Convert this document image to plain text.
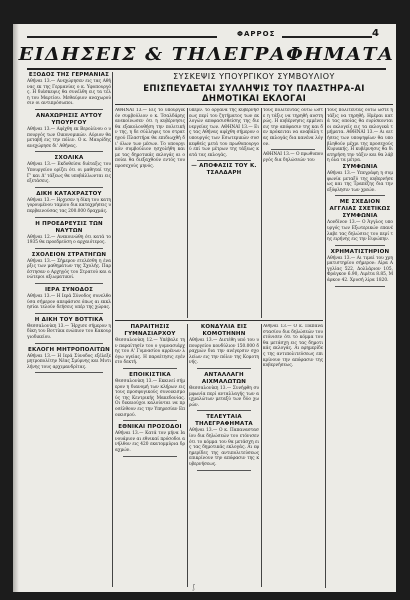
ΦΑΡΡΟΣ	4
ΕΙΔΗΣΕΙΣ & ΤΗΛΕΓΡΑΦΗΜΑΤΑ
ΕΞΟΔΟΣ ΤΗΣ ΓΕΡΜΑΝΙΑΣ
Αθήναι 13.— Ανεχώρησεν εις τας Αθήνας εκ της Γερμανίας ο κ. Υφυπουργός. Η διάσκεψις θα συνέλθη εις τα τέλη του Μαρτίου. Μεθαύριον αναχωρούσιν οι αντιπρόσωποι.
ΑΝΑΧΩΡΗΣΙΣ ΑΥΤΟΥ ΥΠΟΥΡΓΟΥ
Αθήναι 13.— Αφίχθη εκ Βερολίνου ο υπουργός των Οικονομικών. Αύριον θα μεταβή εις την πόλιν. Ο κ. Μαυρίδης ανεχώρησε δι' Αθήνας.
ΣΧΟΛΙΚΑ
Αθήναι 13.— Εκδοθείσα διάταξις του Υπουργείου ορίζει ότι οι μαθηταί της Γ' και Δ' τάξεως θα υποβάλλωνται εις εξετάσεις.
ΔΙΚΗ ΚΑΤΑΧΡΑΣΤΟΥ
Αθήναι 13.— Ηρχισεν η δίκη του κατηγορουμένου ταμίου δια καταχρήσεις υπερβαινούσας τας 200.000 δραχμάς.
Η ΠΡΟΕΔΡΕΥΣΙΣ ΤΩΝ ΝΑΥΤΩΝ
Αθήναι 12.— Ανεκοινώθη ότι κατά το 1935 θα προεδρεύση ο αρχαιότερος.
ΣΧΟΛΕΙΟΝ ΣΤΡΑΤΗΓΩΝ
Αθήναι 13.— Σήμερον ετελέσθη η έναρξις των μαθημάτων της Σχολής. Παρέστησαν ο Αρχηγός του Στρατού και ανώτεροι αξιωματικοί.
ΙΕΡΑ ΣΥΝΟΔΟΣ
Αθήναι 13.— Η Ιερά Σύνοδος συνελθούσα σήμερον απεφάσισε όπως αι εκκλησίαι τελούν δεήσεις υπέρ της χώρας.
Η ΔΙΚΗ ΤΟΥ ΒΟΤΤΙΚΑ
Θεσσαλονίκη 13.— Ήρχισε σήμερον η δίκη του Βοττίκα ενώπιον του Κακουργιοδικείου.
ΕΚΛΟΓΗ ΜΗΤΡΟΠΟΛΙΤΩΝ
Αθήναι 13.— Η Ιερά Σύνοδος εξέλεξε μητροπολίτην Νέας Σμύρνης και Μυτιλήνης τους αρχιμανδρίτας.
ΣΥΣΚΕΨΙΣ ΥΠΟΥΡΓΙΚΟΥ ΣΥΜΒΟΥΛΙΟΥ
ΕΠΙΣΠΕΥΔΕΤΑΙ ΣΥΛΛΗΨΙΣ ΤΟΥ ΠΛΑΣΤΗΡΑ-ΑΙ ΔΗΜΟΤΙΚΑΙ ΕΚΛΟΓΑΙ
ΑΘΗΝΑΙ 13.— Εις το υπουργικόν συμβούλιον ο κ. Τσαλδάρης ανεκοίνωσεν ότι η κυβέρνησις θα εξακολουθήση την πολιτικήν της, η δε σύλληψις του στρατηγού Πλαστήρα θα επιδιωχθή δι' όλων των μέσων. Το υπουργικόν συμβούλιον ησχολήθη και με τας δημοτικάς εκλογάς αι οποίαι θα διεξαχθούν εντός του προσεχούς μηνός.
υπερν. το όργανα της κυβερνήσεως περί του ζητήματος των εκλογών αποφασισθείσης της διενεργείας των. ΑΘΗΝΑΙ 13.— Εις τας Αθήνας αφίχθη σήμερον ο υπουργός των Εσωτερικών συσκεφθείς μετά του πρωθυπουργού επί των μέτρων της τάξεως κατά τας εκλογάς.
— ΑΠΟΦΑΣΙΣ ΤΟΥ Κ. ΤΣΑΛΔΑΡΗ
τούς πολιτευτάς ούτω ώστε η τάξις να τηρηθή αυστηρώς. Η κυβέρνησις εμμένει εις την απόφασιν της και δεν πρόκειται να αναβάλη τας εκλογάς δια κανένα λόγον.
ΑΘΗΝΑΙ 13.— Ο πρωθυπουργός δια δηλώσεών του
τούς πολιτευτάς ούτω ώστε η τάξις να τηρηθή. Ημέραι κατά τας οποίας θα ευρίσκονται οι εκλογείς εις τα εκλογικά τμήματα. ΑΘΗΝΑΙ 13.— Αι αιτήσεις των υποψηφίων θα υποβληθούν μέχρι της προσεχούς Κυριακής. Η κυβέρνησις θα διατηρήση την τάξιν και θα λάβη όλα τα μέτρα.
ΣΥΜΦΩΝΙΑ
Αθήναι 13.— Υπεγράφη η συμφωνία μεταξύ της κυβερνήσεως και της Τραπέζης δια την εξόφλησιν των χρεών.
ΜΕ ΣΧΕΔΙΟΝ ΑΓΓΛΙΑΣ ΣΧΕΤΙΚΩΣ ΣΥΜΦΩΝΙΑ
Λονδίνον 13.— Ο Άγγλος υπουργός των Εξωτερικών επανέλαβε τας δηλώσεις του περί της ειρήνης εις την Ευρώπην.
ΧΡΗΜΑΤΙΣΤΗΡΙΟΝ
Αθήναι 13.— Αι τιμαί του χρηματιστηρίου σήμερον: Λίρα Αγγλίας 522, Δολλάριον 105, Φράγκον 6.90, Λιρέτα 8.85, Μάρκον 42. Χρυσή λίρα 1820.
ΠΑΡΑΙΤΗΣΙΣ ΓΥΜΝΑΣΙΑΡΧΟΥ
Θεσσαλονίκη 12.— Υπέβαλε την παραίτησίν του ο γυμνασιάρχης του Α' Γυμνασίου αρρένων λόγω υγείας. Η παραίτησις εγένετο δεκτή.
ΕΠΟΙΚΙΣΤΙΚΑ
Θεσσαλονίκη 13.— Εκκινεί σήμερον η διανομή των κλήρων εις τους προσφυγικούς συνοικισμούς της Κεντρικής Μακεδονίας. Οι δικαιούχοι καλούνται να προσέλθουν εις την Υπηρεσίαν Εποικισμού.
ΕΘΝΙΚΑΙ ΠΡΟΣΟΔΟΙ
Αθήναι 13.— Κατά τον μήνα Ιανουάριον αι εθνικαί πρόσοδοι ανήλθον εις 420 εκατομμύρια δραχμών.
ΚΟΝΔΥΛΙΑ ΕΙΣ ΚΟΜΟΤΗΝΗΝ
Αθήναι 13.— Διετέθη υπό του υπουργείου κονδύλιον 150.000 δραχμών δια την ανέγερσιν σχολείων εις την πόλιν της Κομοτηνής.
ΑΝΤΑΛΛΑΓΗ ΑΙΧΜΑΛΩΤΩΝ
Θεσσαλονίκη 13.— Συνήφθη συμφωνία περί ανταλλαγής των αιχμαλώτων μεταξύ των δύο χωρών.
ΤΕΛΕΥΤΑΙΑ ΤΗΛΕΓΡΑΦΗΜΑΤΑ
Αθήναι 13.— Ο κ. Παπαναστασίου δια δηλώσεών του ετόνισεν ότι το κόμμα του θα μετάσχη εις τας δημοτικάς εκλογάς. Αι εφημερίδες της αντιπολιτεύσεως επικρίνουν την απόφασιν της κυβερνήσεως.
Αθήναι 13.— Ο κ. Παπαναστασίου δια δηλώσεών του ετόνισεν ότι το κόμμα του θα μετάσχη εις τας δημοτικάς εκλογάς. Αι εφημερίδες της αντιπολιτεύσεως επικρίνουν την απόφασιν της κυβερνήσεως.
ʃ
